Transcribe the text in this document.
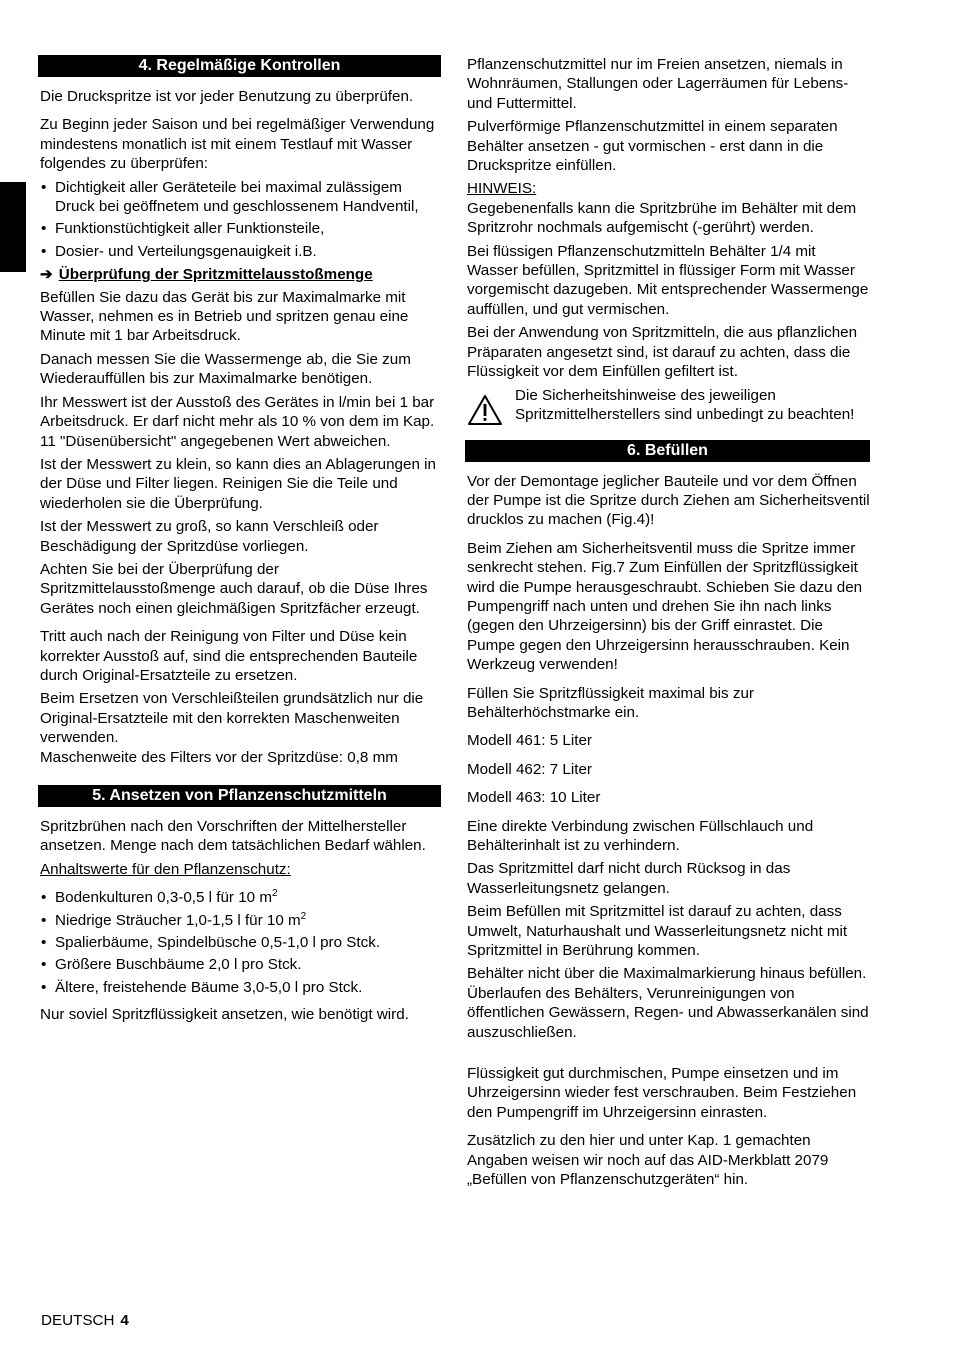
4. Regelmäßige Kontrollen

Die Druckspritze ist vor jeder Benutzung zu überprüfen.

Zu Beginn jeder Saison und bei regelmäßiger Verwendung mindestens monatlich ist mit einem Testlauf mit Wasser folgendes zu überprüfen:

• Dichtigkeit aller Geräteteile bei maximal zulässigem Druck bei geöffnetem und geschlossenem Handventil,
• Funktionstüchtigkeit aller Funktionsteile,
• Dosier- und Verteilungsgenauigkeit i.B.
➔ Überprüfung der Spritzmittelausstoßmenge

Befüllen Sie dazu das Gerät bis zur Maximalmarke mit Wasser, nehmen es in Betrieb und spritzen genau eine Minute mit 1 bar Arbeitsdruck.

Danach messen Sie die Wassermenge ab, die Sie zum Wiederauffüllen bis zur Maximalmarke benötigen.

Ihr Messwert ist der Ausstoß des Gerätes in l/min bei 1 bar Arbeitsdruck. Er darf nicht mehr als 10 % von dem im Kap. 11 "Düsenübersicht" angegebenen Wert abweichen.

Ist der Messwert zu klein, so kann dies an Ablagerungen in der Düse und Filter liegen. Reinigen Sie die Teile und wiederholen sie die Überprüfung.

Ist der Messwert zu groß, so kann Verschleiß oder Beschädigung der Spritzdüse vorliegen.

Achten Sie bei der Überprüfung der Spritzmittelausstoßmenge auch darauf, ob die Düse Ihres Gerätes noch einen gleichmäßigen Spritzfächer erzeugt.

Tritt auch nach der Reinigung von Filter und Düse kein korrekter Ausstoß auf, sind die entsprechenden Bauteile durch Original-Ersatzteile zu ersetzen.

Beim Ersetzen von Verschleißteilen grundsätzlich nur die Original-Ersatzteile mit den korrekten Maschenweiten verwenden.

Maschenweite des Filters vor der Spritzdüse: 0,8 mm

5. Ansetzen von Pflanzenschutzmitteln

Spritzbrühen nach den Vorschriften der Mittelhersteller ansetzen. Menge nach dem tatsächlichen Bedarf wählen.

Anhaltswerte für den Pflanzenschutz:

• Bodenkulturen 0,3-0,5 l für 10 $m^2$
• Niedrige Sträucher 1,0-1,5 l für 10 $m^2$
• Spalierbäume, Spindelbüsche 0,5-1,0 l pro Stck.
• Größere Buschbäume 2,0 l pro Stck.
• Ältere, freistehende Bäume 3,0-5,0 l pro Stck.

Nur soviel Spritzflüssigkeit ansetzen, wie benötigt wird.

Pflanzenschutzmittel nur im Freien ansetzen, niemals in Wohnräumen, Stallungen oder Lagerräumen für Lebens- und Futtermittel.

Pulverförmige Pflanzenschutzmittel in einem separaten Behälter ansetzen - gut vormischen - erst dann in die Druckspritze einfüllen.

HINWEIS:

Gegebenenfalls kann die Spritzbrühe im Behälter mit dem Spritzrohr nochmals aufgemischt (-gerührt) werden.

Bei flüssigen Pflanzenschutzmitteln Behälter 1/4 mit Wasser befüllen, Spritzmittel in flüssiger Form mit Wasser vorgemischt dazugeben. Mit entsprechender Wassermenge auffüllen, und gut vermischen.

Bei der Anwendung von Spritzmitteln, die aus pflanzlichen Präparaten angesetzt sind, ist darauf zu achten, dass die Flüssigkeit vor dem Einfüllen gefiltert ist.

Die Sicherheitshinweise des jeweiligen Spritzmittelherstellers sind unbedingt zu beachten!
6. Befüllen

Vor der Demontage jeglicher Bauteile und vor dem Öffnen der Pumpe ist die Spritze durch Ziehen am Sicherheitsventil drucklos zu machen (Fig.4)!

Beim Ziehen am Sicherheitsventil muss die Spritze immer senkrecht stehen. Fig.7 Zum Einfüllen der Spritzflüssigkeit wird die Pumpe herausgeschraubt. Schieben Sie dazu den Pumpengriff nach unten und drehen Sie ihn nach links (gegen den Uhrzeigersinn) bis der Griff einrastet. Die Pumpe gegen den Uhrzeigersinn herausschrauben. Kein Werkzeug verwenden!

Füllen Sie Spritzflüssigkeit maximal bis zur Behälterhöchstmarke ein.

Modell 461: 5 Liter

Modell 462: 7 Liter

Modell 463: 10 Liter

Eine direkte Verbindung zwischen Füllschlauch und Behälterinhalt ist zu verhindern.

Das Spritzmittel darf nicht durch Rücksog in das Wasserleitungsnetz gelangen.

Beim Befüllen mit Spritzmittel ist darauf zu achten, dass Umwelt, Naturhaushalt und Wasserleitungsnetz nicht mit Spritzmittel in Berührung kommen.

Behälter nicht über die Maximalmarkierung hinaus befüllen. Überlaufen des Behälters, Verunreinigungen von öffentlichen Gewässern, Regen- und Abwasserkanälen sind auszuschließen.

Flüssigkeit gut durchmischen, Pumpe einsetzen und im Uhrzeigersinn wieder fest verschrauben. Beim Festziehen den Pumpengriff im Uhrzeigersinn einrasten.

Zusätzlich zu den hier und unter Kap. 1 gemachten Angaben weisen wir noch auf das AID-Merkblatt 2079 „Befüllen von Pflanzenschutzgeräten“ hin.

DEUTSCH 4
